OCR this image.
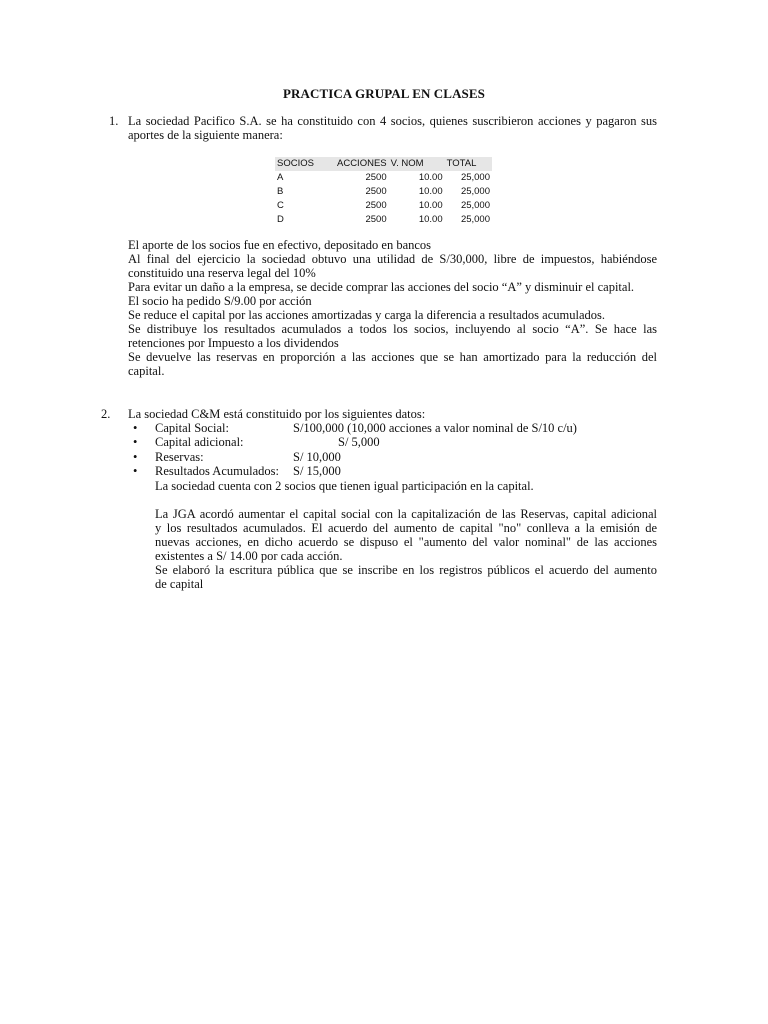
PRACTICA GRUPAL EN CLASES
1. La sociedad Pacifico S.A. se ha constituido con 4 socios, quienes suscribieron acciones y pagaron sus
aportes de la siguiente manera:
SOCIOS	ACCIONES	V. NOM	TOTAL
A	2500	10.00	25,000
B	2500	10.00	25,000
C	2500	10.00	25,000
D	2500	10.00	25,000
El aporte de los socios fue en efectivo, depositado en bancos
Al final del ejercicio la sociedad obtuvo una utilidad de S/30,000, libre de impuestos, habiéndose
constituido una reserva legal del 10%
Para evitar un daño a la empresa, se decide comprar las acciones del socio “A” y disminuir el capital.
El socio ha pedido S/9.00 por acción
Se reduce el capital por las acciones amortizadas y carga la diferencia a resultados acumulados.
Se distribuye los resultados acumulados a todos los socios, incluyendo al socio “A”. Se hace las
retenciones por Impuesto a los dividendos
Se devuelve las reservas en proporción a las acciones que se han amortizado para la reducción del
capital.
2. La sociedad C&M está constituido por los siguientes datos:
• Capital Social:	S/100,000 (10,000 acciones a valor nominal de S/10 c/u)
• Capital adicional:	S/ 5,000
• Reservas:	S/ 10,000
• Resultados Acumulados: S/ 15,000
La sociedad cuenta con 2 socios que tienen igual participación en la capital.
La JGA acordó aumentar el capital social con la capitalización de las Reservas, capital adicional
y los resultados acumulados. El acuerdo del aumento de capital "no" conlleva a la emisión de
nuevas acciones, en dicho acuerdo se dispuso el "aumento del valor nominal" de las acciones
existentes a S/ 14.00 por cada acción.
Se elaboró la escritura pública que se inscribe en los registros públicos el acuerdo del aumento
de capital
